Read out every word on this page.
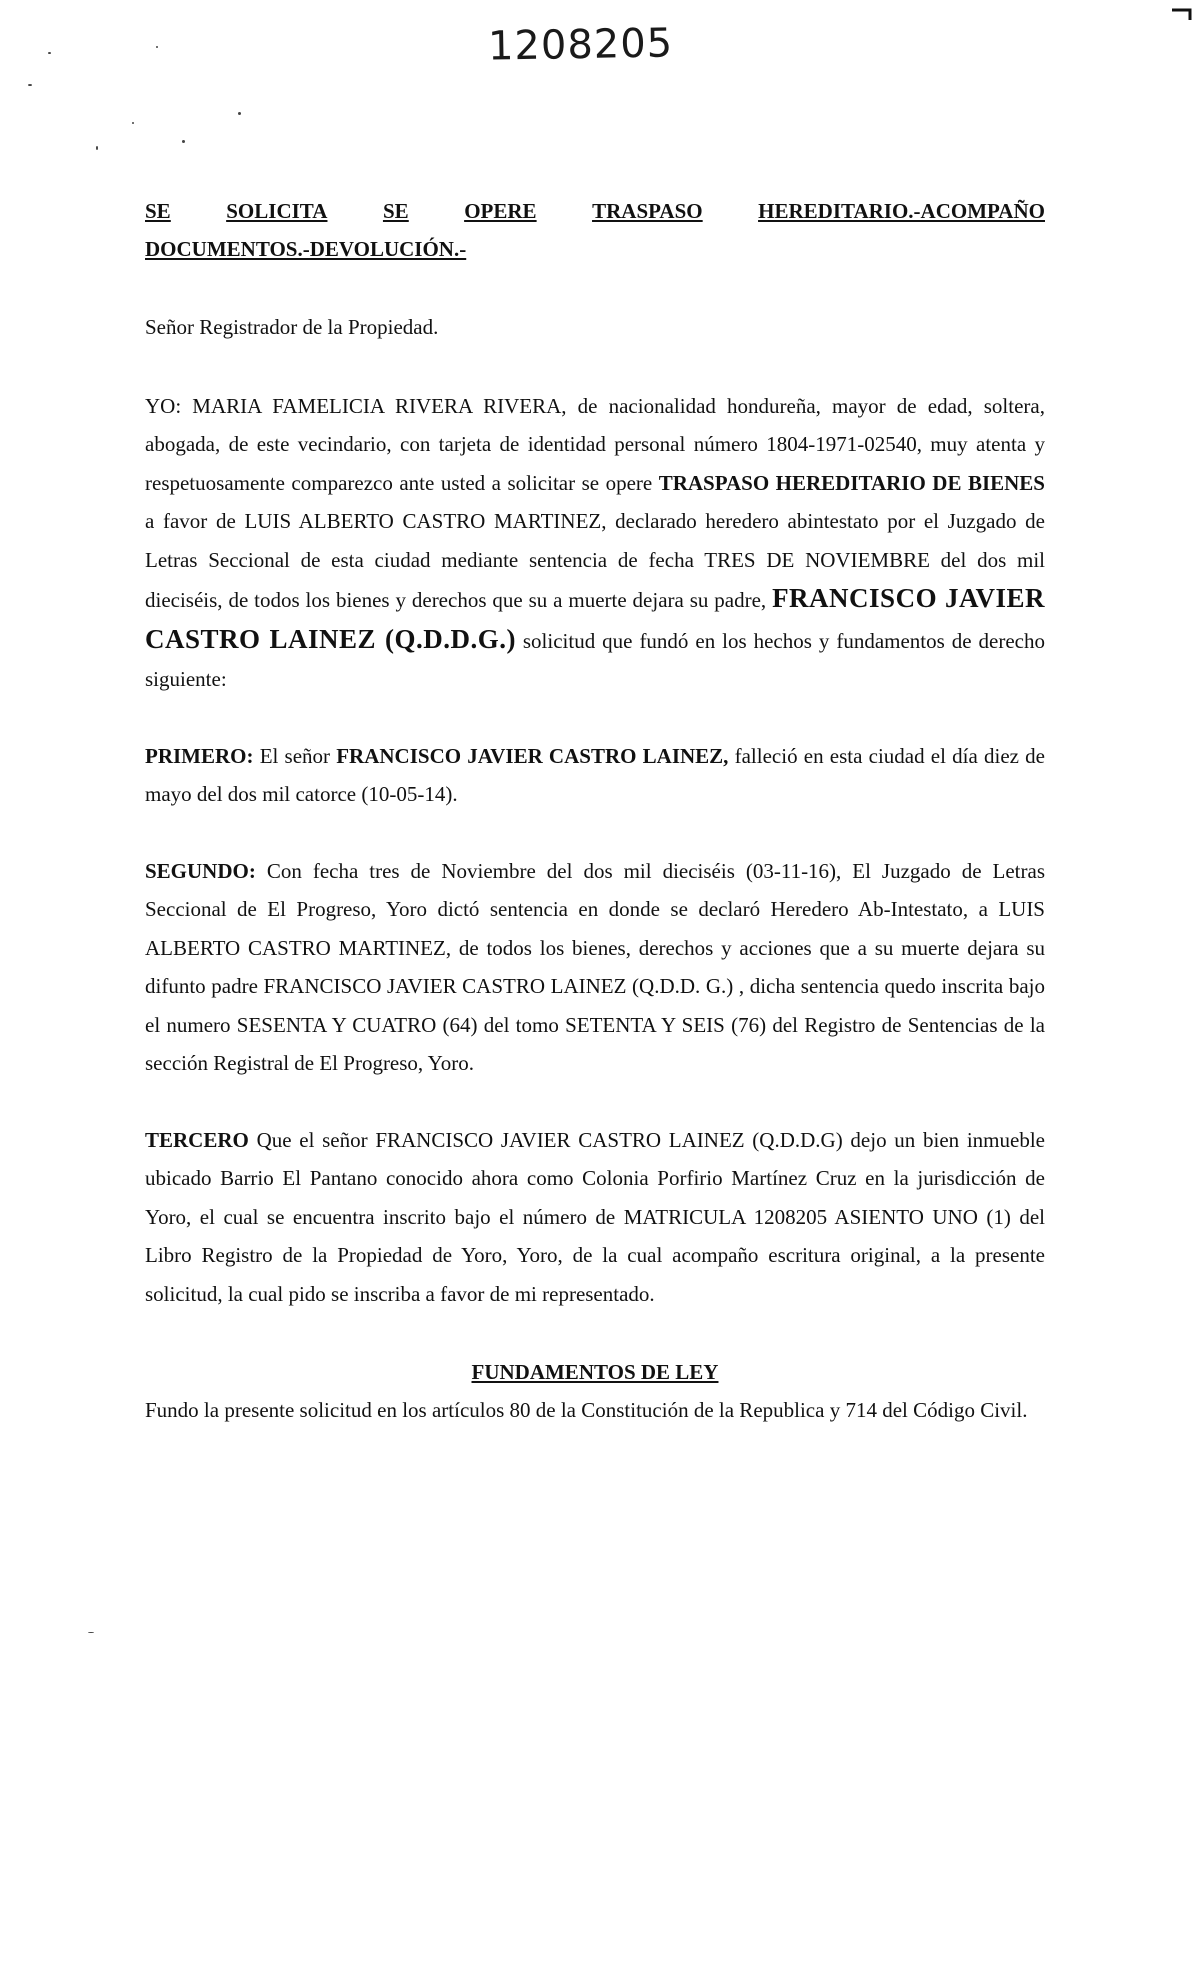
1208205
SE	SOLICITA	SE	OPERE	TRASPASO	HEREDITARIO.-ACOMPAÑO
DOCUMENTOS.-DEVOLUCIÓN.-

Señor Registrador de la Propiedad.

YO: MARIA FAMELICIA RIVERA RIVERA, de nacionalidad hondureña, mayor de edad, soltera, abogada, de este vecindario, con tarjeta de identidad personal número 1804-1971-02540, muy atenta y respetuosamente comparezco ante usted a solicitar se opere TRASPASO HEREDITARIO DE BIENES a favor de LUIS ALBERTO CASTRO MARTINEZ, declarado heredero abintestato por el Juzgado de Letras Seccional de esta ciudad mediante sentencia de fecha TRES DE NOVIEMBRE del dos mil dieciséis, de todos los bienes y derechos que su a muerte dejara su padre, FRANCISCO JAVIER CASTRO LAINEZ (Q.D.D.G.) solicitud que fundó en los hechos y fundamentos de derecho siguiente:

PRIMERO: El señor FRANCISCO JAVIER CASTRO LAINEZ, falleció en esta ciudad el día diez de mayo del dos mil catorce (10-05-14).

SEGUNDO: Con fecha tres de Noviembre del dos mil dieciséis (03-11-16), El Juzgado de Letras Seccional de El Progreso, Yoro dictó sentencia en donde se declaró Heredero Ab-Intestato, a LUIS ALBERTO CASTRO MARTINEZ, de todos los bienes, derechos y acciones que a su muerte dejara su difunto padre FRANCISCO JAVIER CASTRO LAINEZ (Q.D.D. G.) , dicha sentencia quedo inscrita bajo el numero SESENTA Y CUATRO (64) del tomo SETENTA Y SEIS (76) del Registro de Sentencias de la sección Registral de El Progreso, Yoro.

TERCERO Que el señor FRANCISCO JAVIER CASTRO LAINEZ (Q.D.D.G) dejo un bien inmueble ubicado Barrio El Pantano conocido ahora como Colonia Porfirio Martínez Cruz en la jurisdicción de Yoro, el cual se encuentra inscrito bajo el número de MATRICULA 1208205 ASIENTO UNO (1) del Libro Registro de la Propiedad de Yoro, Yoro, de la cual acompaño escritura original, a la presente solicitud, la cual pido se inscriba a favor de mi representado.

FUNDAMENTOS DE LEY

Fundo la presente solicitud en los artículos 80 de la Constitución de la Republica y 714 del Código Civil.
